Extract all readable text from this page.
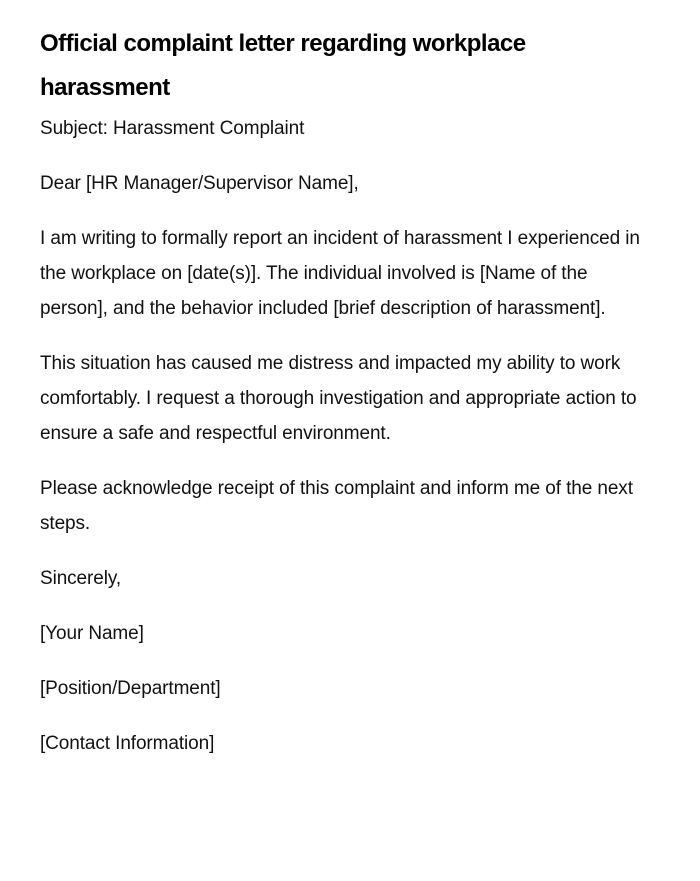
Official complaint letter regarding workplace harassment

Subject: Harassment Complaint

Dear [HR Manager/Supervisor Name],

I am writing to formally report an incident of harassment I experienced in the workplace on [date(s)]. The individual involved is [Name of the person], and the behavior included [brief description of harassment].

This situation has caused me distress and impacted my ability to work comfortably. I request a thorough investigation and appropriate action to ensure a safe and respectful environment.

Please acknowledge receipt of this complaint and inform me of the next steps.

Sincerely,

[Your Name]

[Position/Department]

[Contact Information]
